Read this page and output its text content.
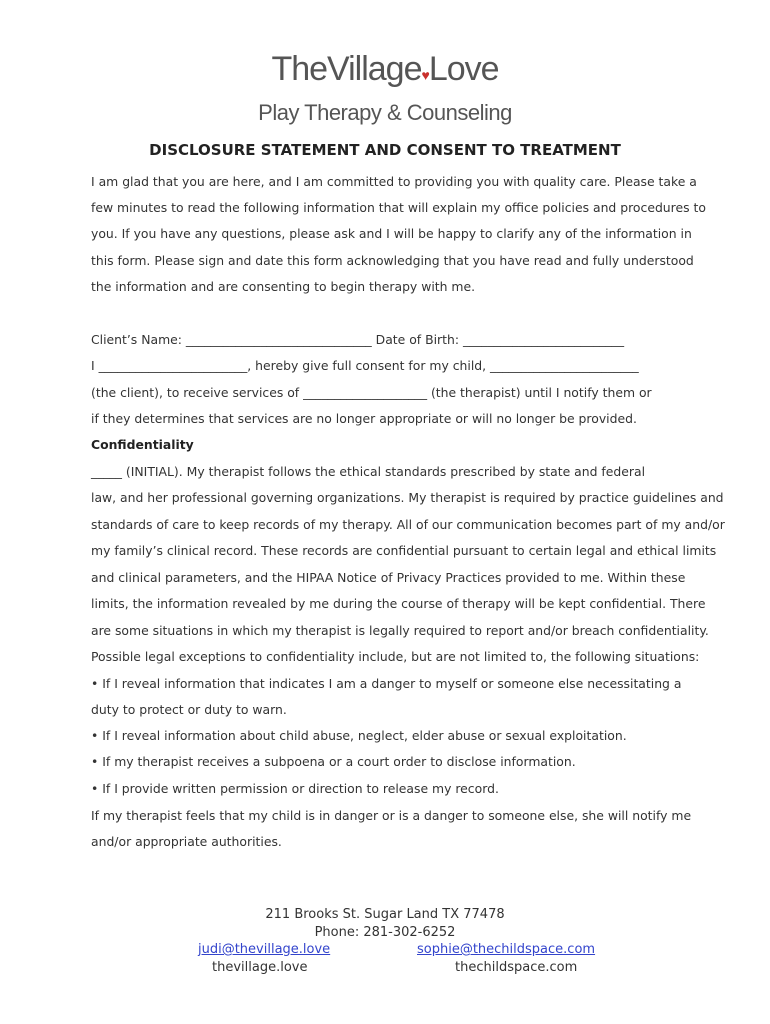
TheVillage♥Love
Play Therapy & Counseling
DISCLOSURE STATEMENT AND CONSENT TO TREATMENT
I am glad that you are here, and I am committed to providing you with quality care. Please take a
few minutes to read the following information that will explain my office policies and procedures to
you. If you have any questions, please ask and I will be happy to clarify any of the information in
this form. Please sign and date this form acknowledging that you have read and fully understood
the information and are consenting to begin therapy with me.
Client’s Name: ______________________________ Date of Birth: __________________________
I ________________________, hereby give full consent for my child, ________________________
(the client), to receive services of ____________________ (the therapist) until I notify them or
if they determines that services are no longer appropriate or will no longer be provided.
Confidentiality
_____ (INITIAL). My therapist follows the ethical standards prescribed by state and federal
law, and her professional governing organizations. My therapist is required by practice guidelines and
standards of care to keep records of my therapy. All of our communication becomes part of my and/or
my family’s clinical record. These records are confidential pursuant to certain legal and ethical limits
and clinical parameters, and the HIPAA Notice of Privacy Practices provided to me. Within these
limits, the information revealed by me during the course of therapy will be kept confidential. There
are some situations in which my therapist is legally required to report and/or breach confidentiality.
Possible legal exceptions to confidentiality include, but are not limited to, the following situations:
• If I reveal information that indicates I am a danger to myself or someone else necessitating a
duty to protect or duty to warn.
• If I reveal information about child abuse, neglect, elder abuse or sexual exploitation.
• If my therapist receives a subpoena or a court order to disclose information.
• If I provide written permission or direction to release my record.
If my therapist feels that my child is in danger or is a danger to someone else, she will notify me
and/or appropriate authorities.
211 Brooks St. Sugar Land TX 77478
Phone: 281-302-6252
judi@thevillage.love
thevillage.love
sophie@thechildspace.com
thechildspace.com
